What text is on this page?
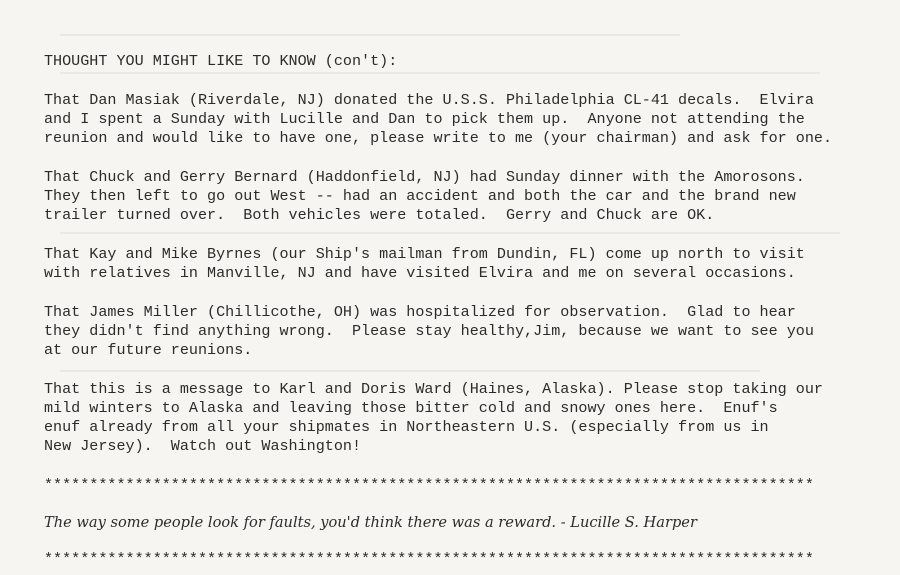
THOUGHT YOU MIGHT LIKE TO KNOW (con't):
That Dan Masiak (Riverdale, NJ) donated the U.S.S. Philadelphia CL-41 decals.  Elvira
and I spent a Sunday with Lucille and Dan to pick them up.  Anyone not attending the
reunion and would like to have one, please write to me (your chairman) and ask for one.
That Chuck and Gerry Bernard (Haddonfield, NJ) had Sunday dinner with the Amorosons.
They then left to go out West -- had an accident and both the car and the brand new
trailer turned over.  Both vehicles were totaled.  Gerry and Chuck are OK.
That Kay and Mike Byrnes (our Ship's mailman from Dundin, FL) come up north to visit
with relatives in Manville, NJ and have visited Elvira and me on several occasions.
That James Miller (Chillicothe, OH) was hospitalized for observation.  Glad to hear
they didn't find anything wrong.  Please stay healthy,Jim, because we want to see you
at our future reunions.
That this is a message to Karl and Doris Ward (Haines, Alaska). Please stop taking our
mild winters to Alaska and leaving those bitter cold and snowy ones here.  Enuf's
enuf already from all your shipmates in Northeastern U.S. (especially from us in
New Jersey).  Watch out Washington!
*************************************************************************************
The way some people look for faults, you'd think there was a reward. - Lucille S. Harper
*************************************************************************************
